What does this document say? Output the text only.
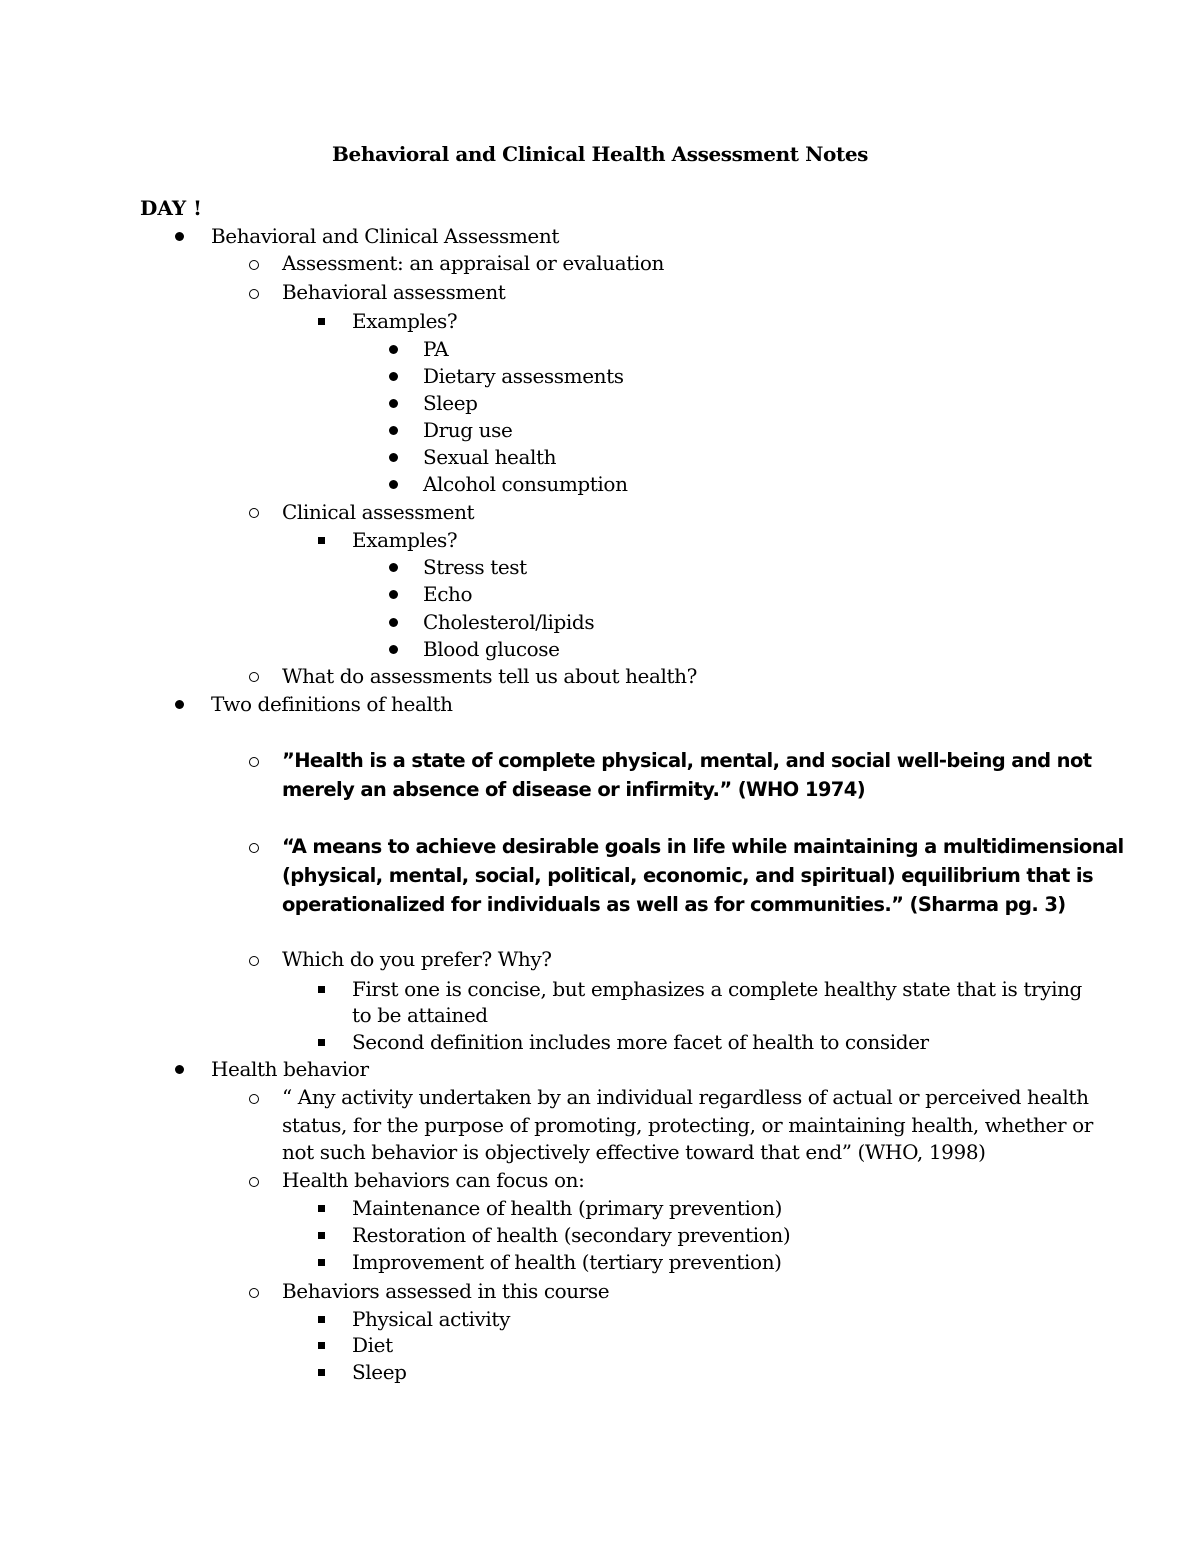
Behavioral and Clinical Health Assessment Notes
DAY !
Behavioral and Clinical Assessment
Assessment: an appraisal or evaluation
Behavioral assessment
Examples?
PA
Dietary assessments
Sleep
Drug use
Sexual health
Alcohol consumption
Clinical assessment
Examples?
Stress test
Echo
Cholesterol/lipids
Blood glucose
What do assessments tell us about health?
Two definitions of health
”Health is a state of complete physical, mental, and social well-being and not
merely an absence of disease or infirmity.” (WHO 1974)
“A means to achieve desirable goals in life while maintaining a multidimensional
(physical, mental, social, political, economic, and spiritual) equilibrium that is
operationalized for individuals as well as for communities.” (Sharma pg. 3)
Which do you prefer? Why?
First one is concise, but emphasizes a complete healthy state that is trying
to be attained
Second definition includes more facet of health to consider
Health behavior
“ Any activity undertaken by an individual regardless of actual or perceived health
status, for the purpose of promoting, protecting, or maintaining health, whether or
not such behavior is objectively effective toward that end” (WHO, 1998)
Health behaviors can focus on:
Maintenance of health (primary prevention)
Restoration of health (secondary prevention)
Improvement of health (tertiary prevention)
Behaviors assessed in this course
Physical activity
Diet
Sleep
